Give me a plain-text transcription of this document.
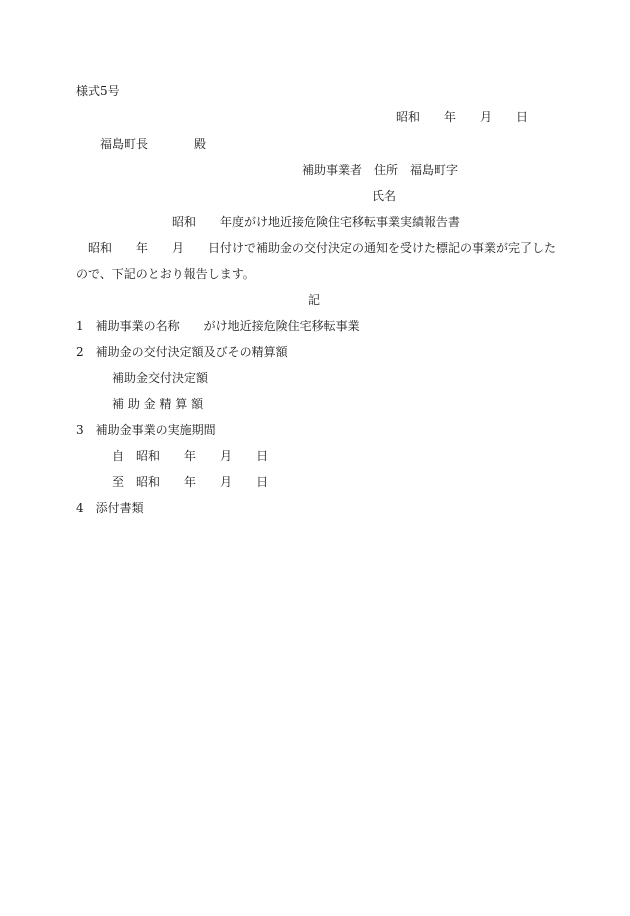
様式5号
昭和 年 月 日
福島町長	殿
補助事業者 住所 福島町字
氏名
昭和 年度がけ地近接危険住宅移転事業実績報告書
昭和 年 月 日付けで補助金の交付決定の通知を受けた標記の事業が完了した
ので、下記のとおり報告します。
記
1 補助事業の名称 がけ地近接危険住宅移転事業
2 補助金の交付決定額及びその精算額
補助金交付決定額
補 助 金 精 算 額
3 補助金事業の実施期間
自 昭和 年 月 日
至 昭和 年 月 日
4 添付書類
